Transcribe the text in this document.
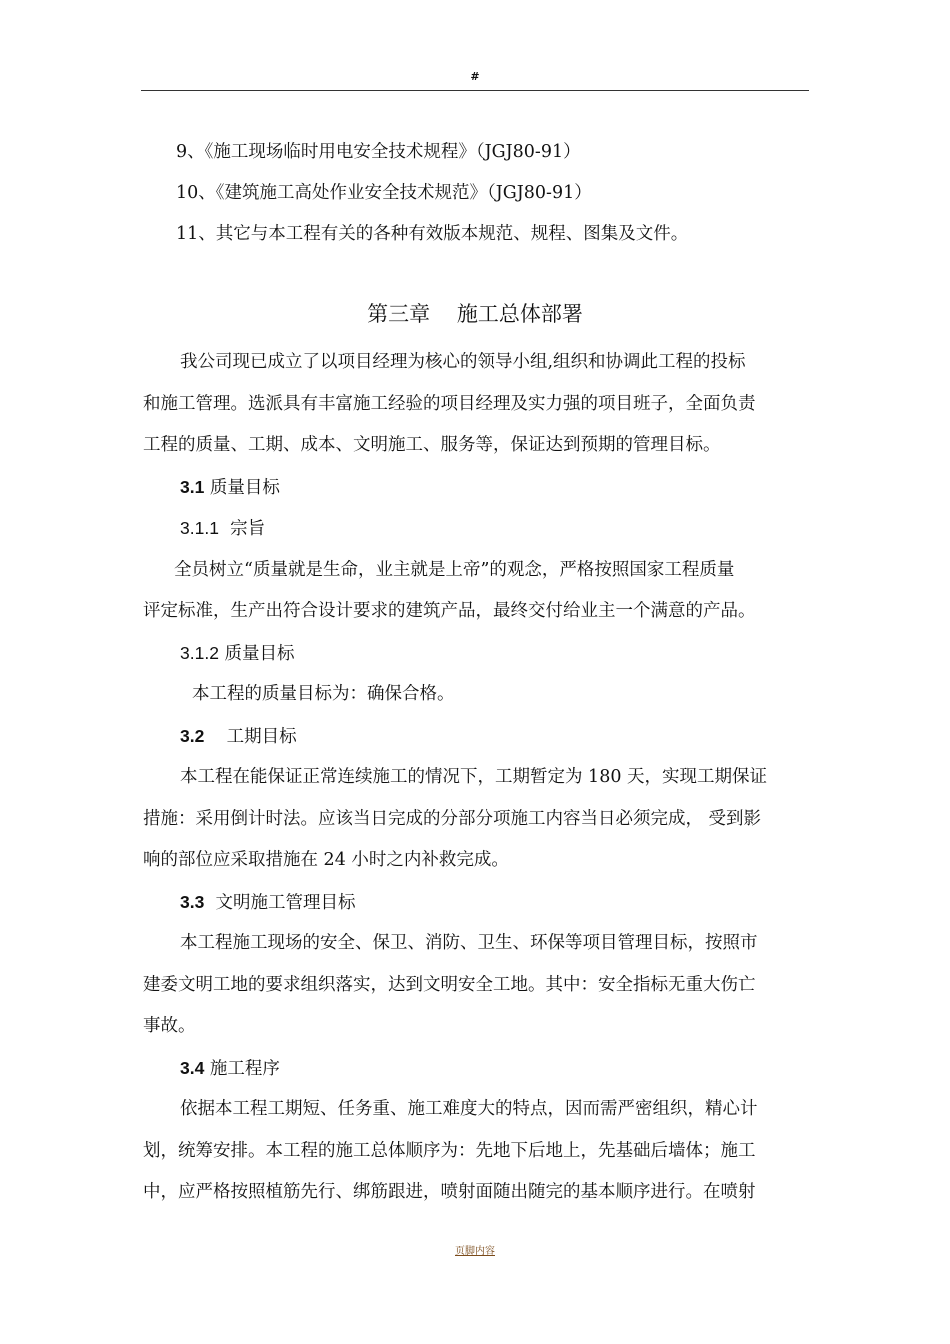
#
9、《施工现场临时用电安全技术规程》（JGJ80-91）
10、《建筑施工高处作业安全技术规范》（JGJ80-91）
11、其它与本工程有关的各种有效版本规范、规程、图集及文件。
第三章    施工总体部署
我公司现已成立了以项目经理为核心的领导小组,组织和协调此工程的投标
和施工管理。选派具有丰富施工经验的项目经理及实力强的项目班子，全面负责
工程的质量、工期、成本、文明施工、服务等，保证达到预期的管理目标。
3.1 质量目标
3.1.1 宗旨
全员树立“质量就是生命，业主就是上帝”的观念，严格按照国家工程质量
评定标准，生产出符合设计要求的建筑产品，最终交付给业主一个满意的产品。
3.1.2 质量目标
本工程的质量目标为：确保合格。
3.2 工期目标
本工程在能保证正常连续施工的情况下，工期暂定为 180 天，实现工期保证
措施：采用倒计时法。应该当日完成的分部分项施工内容当日必须完成， 受到影
响的部位应采取措施在 24 小时之内补救完成。
3.3 文明施工管理目标
本工程施工现场的安全、保卫、消防、卫生、环保等项目管理目标，按照市
建委文明工地的要求组织落实，达到文明安全工地。其中：安全指标无重大伤亡
事故。
3.4 施工程序
依据本工程工期短、任务重、施工难度大的特点，因而需严密组织，精心计
划，统筹安排。本工程的施工总体顺序为：先地下后地上，先基础后墙体；施工
中，应严格按照植筋先行、绑筋跟进，喷射面随出随完的基本顺序进行。在喷射
页脚内容
